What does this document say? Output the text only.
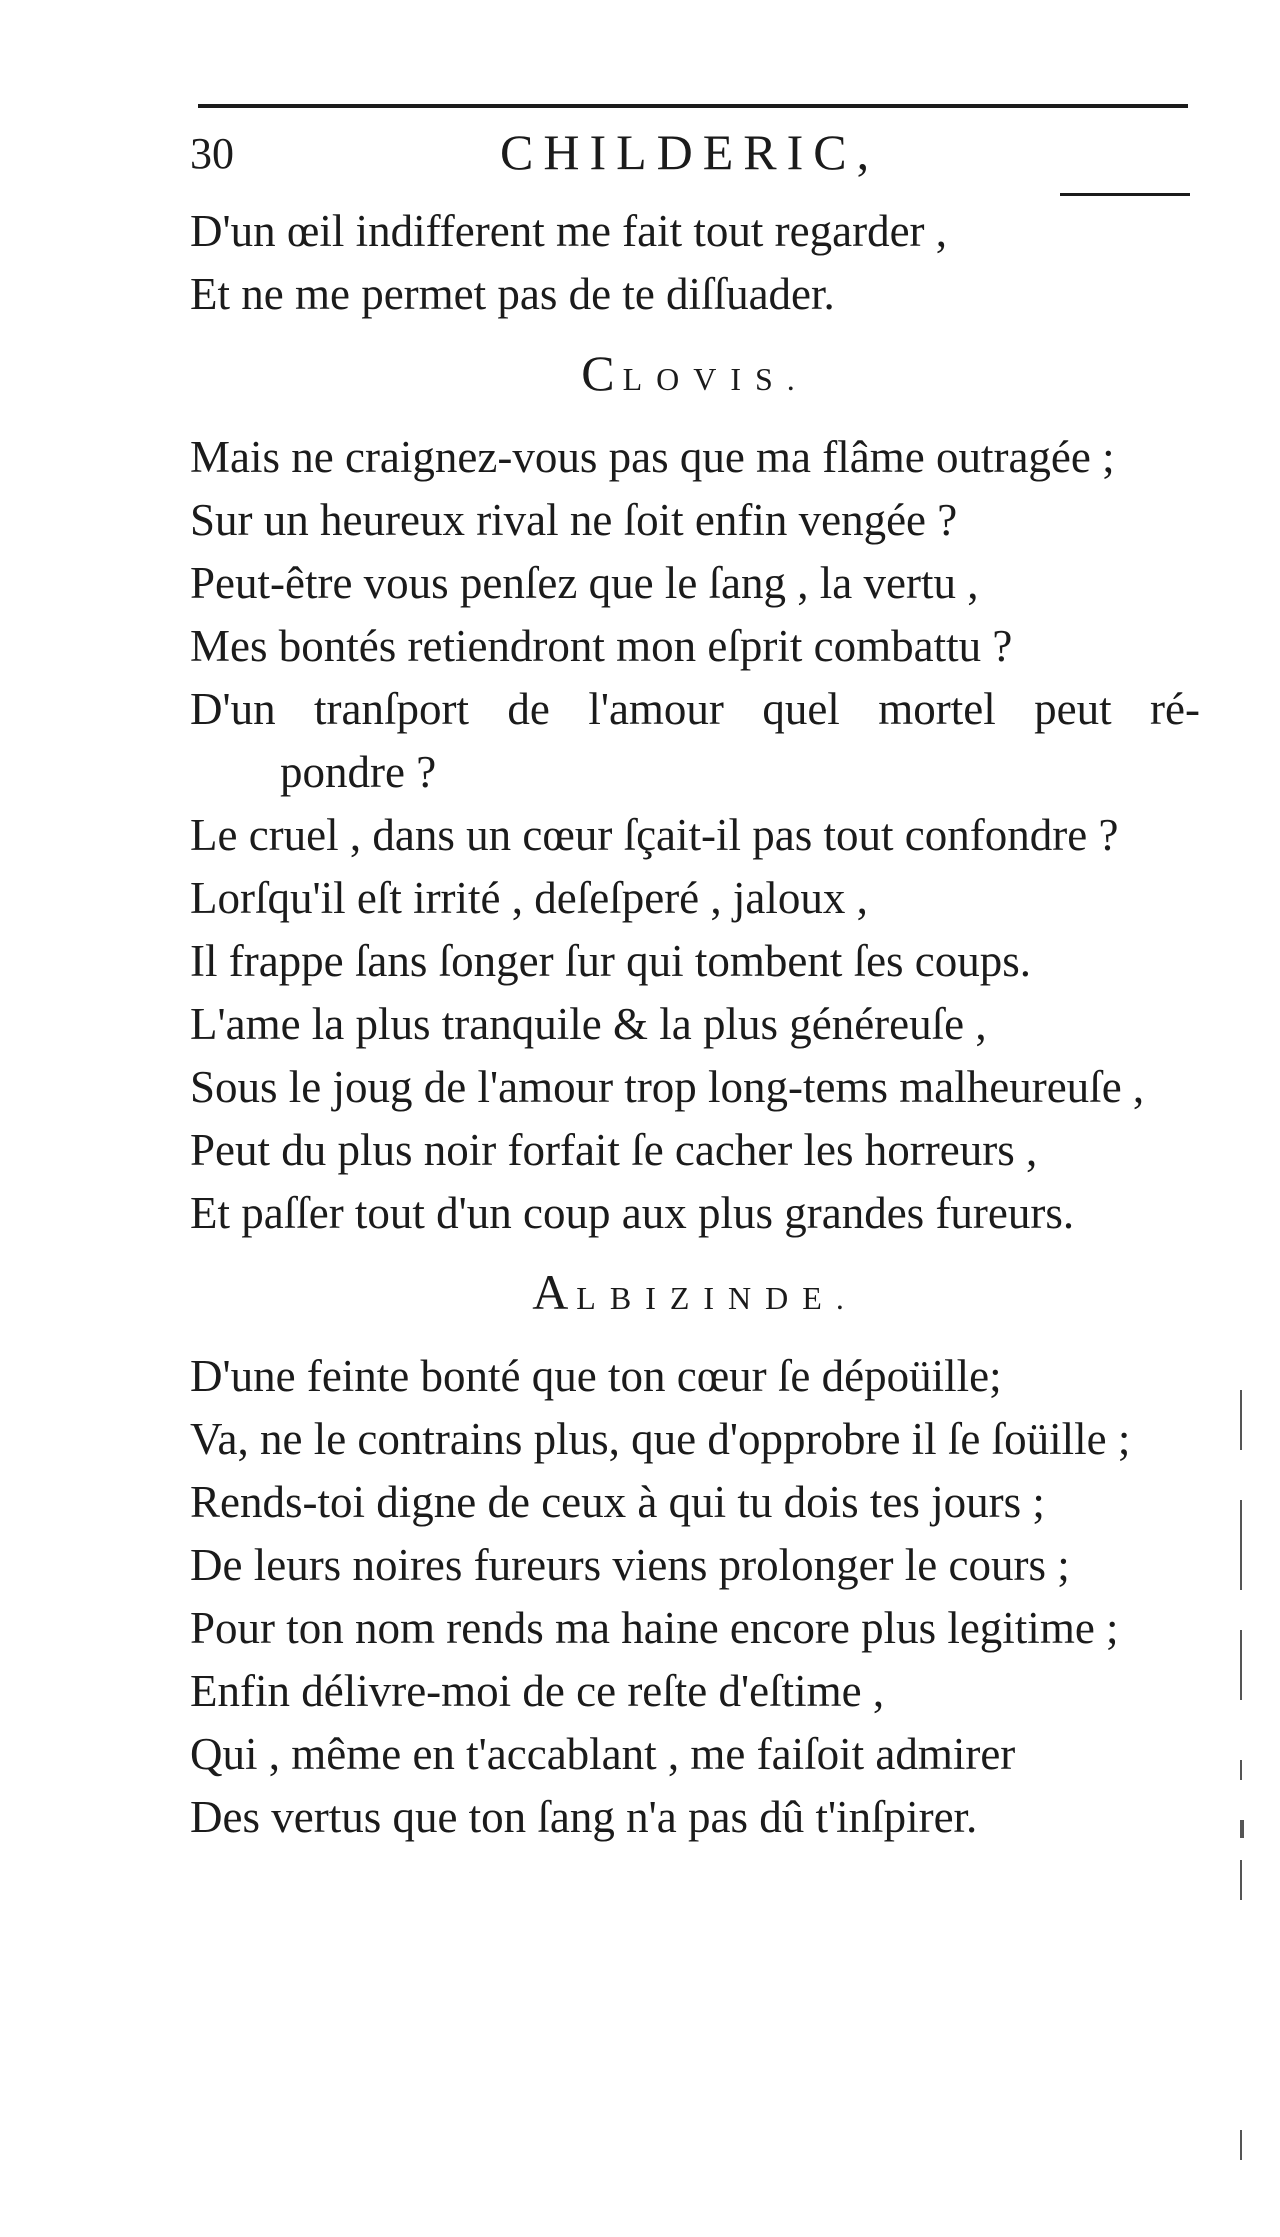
30	CHILDERIC,
D'un œil indifferent me fait tout regarder ,
Et ne me permet pas de te diſſuader.
CLOVIS.
Mais ne craignez-vous pas que ma flâme outragée ;
Sur un heureux rival ne ſoit enfin vengée ?
Peut-être vous penſez que le ſang , la vertu ,
Mes bontés retiendront mon eſprit combattu ?
D'un tranſport de l'amour quel mortel peut ré-
pondre ?
Le cruel , dans un cœur ſçait-il pas tout confondre ?
Lorſqu'il eſt irrité , deſeſperé , jaloux ,
Il frappe ſans ſonger ſur qui tombent ſes coups.
L'ame la plus tranquile & la plus généreuſe ,
Sous le joug de l'amour trop long-tems malheureuſe ,
Peut du plus noir forfait ſe cacher les horreurs ,
Et paſſer tout d'un coup aux plus grandes fureurs.
ALBIZINDE.
D'une feinte bonté que ton cœur ſe dépoüille;
Va, ne le contrains plus, que d'opprobre il ſe ſoüille ;
Rends-toi digne de ceux à qui tu dois tes jours ;
De leurs noires fureurs viens prolonger le cours ;
Pour ton nom rends ma haine encore plus legitime ;
Enfin délivre-moi de ce reſte d'eſtime ,
Qui , même en t'accablant , me faiſoit admirer
Des vertus que ton ſang n'a pas dû t'inſpirer.
